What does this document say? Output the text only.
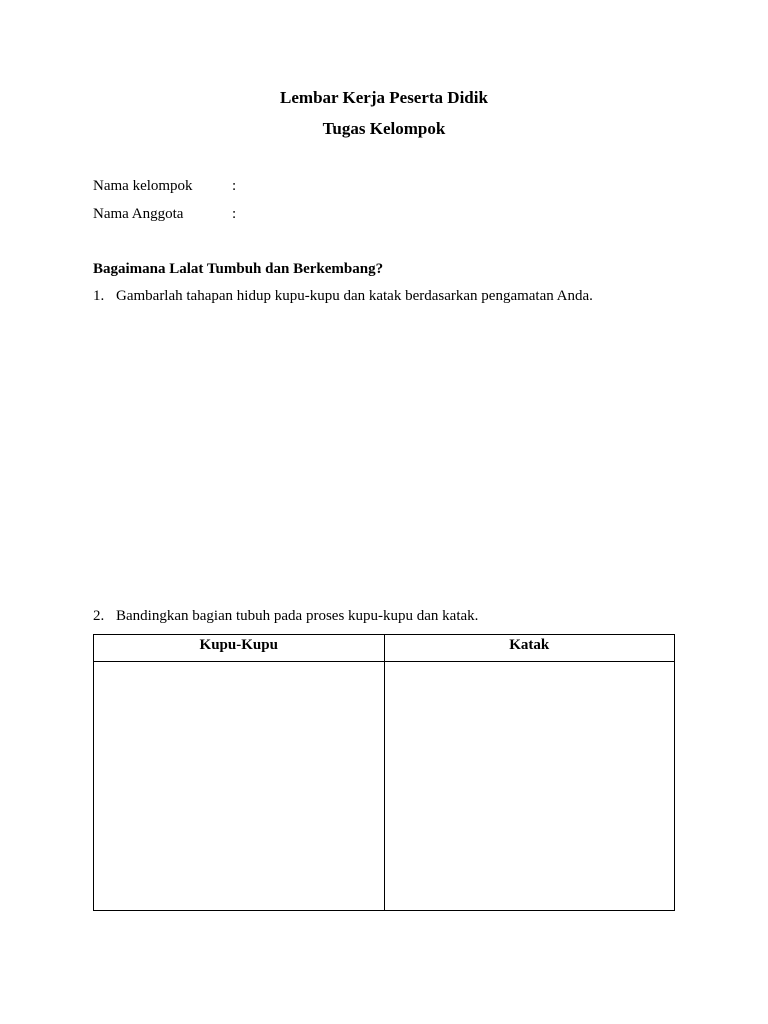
Lembar Kerja Peserta Didik
Tugas Kelompok
Nama kelompok	:
Nama Anggota	:
Bagaimana Lalat Tumbuh dan Berkembang?
1. Gambarlah tahapan hidup kupu-kupu dan katak berdasarkan pengamatan Anda.
2. Bandingkan bagian tubuh pada proses kupu-kupu dan katak.
Kupu-Kupu	Katak
